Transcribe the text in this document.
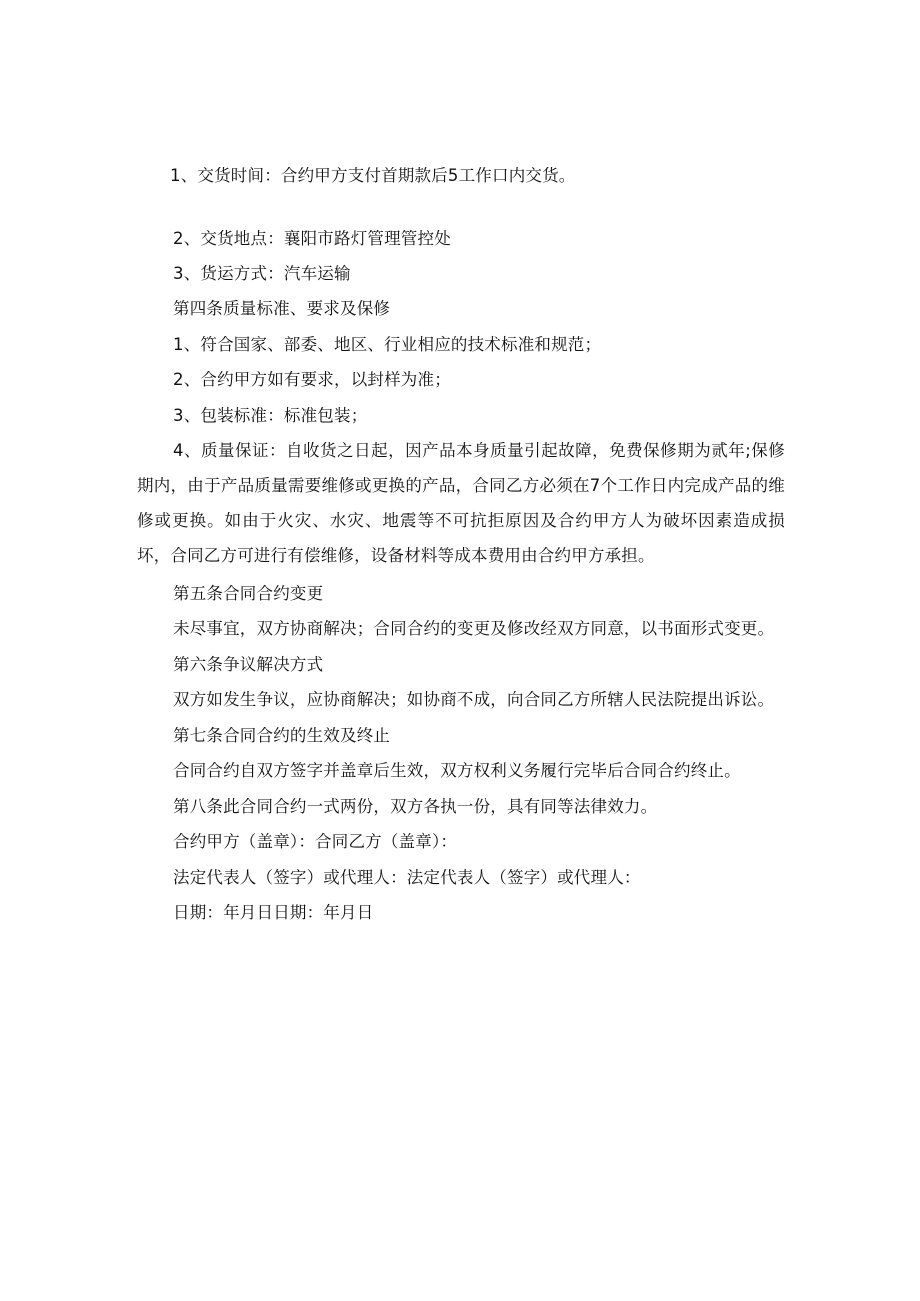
1、交货时间：合约甲方支付首期款后5工作口内交货。
2、交货地点：襄阳市路灯管理管控处
3、货运方式：汽车运输
第四条质量标准、要求及保修
1、符合国家、部委、地区、行业相应的技术标准和规范；
2、合约甲方如有要求，以封样为准；
3、包装标准：标准包装；
4、质量保证：自收货之日起，因产品本身质量引起故障，免费保修期为贰年;保修期内，由于产品质量需要维修或更换的产品，合同乙方必须在7个工作日内完成产品的维修或更换。如由于火灾、水灾、地震等不可抗拒原因及合约甲方人为破坏因素造成损坏，合同乙方可进行有偿维修，设备材料等成本费用由合约甲方承担。
第五条合同合约变更
未尽事宜，双方协商解决；合同合约的变更及修改经双方同意，以书面形式变更。
第六条争议解决方式
双方如发生争议，应协商解决；如协商不成，向合同乙方所辖人民法院提出诉讼。
第七条合同合约的生效及终止
合同合约自双方签字并盖章后生效，双方权利义务履行完毕后合同合约终止。
第八条此合同合约一式两份，双方各执一份，具有同等法律效力。
合约甲方（盖章）：合同乙方（盖章）：
法定代表人（签字）或代理人：法定代表人（签字）或代理人：
日期：年月日日期：年月日
